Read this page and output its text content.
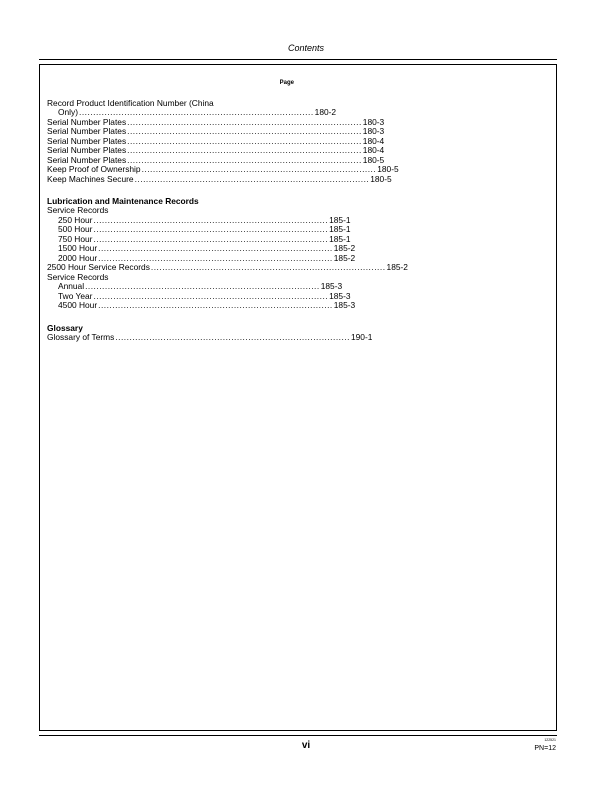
Contents
Page
Record Product Identification Number (China
Only) ................................................................................... 180-2
Serial Number Plates ................................................................................... 180-3
Serial Number Plates ................................................................................... 180-3
Serial Number Plates ................................................................................... 180-4
Serial Number Plates ................................................................................... 180-4
Serial Number Plates ................................................................................... 180-5
Keep Proof of Ownership ................................................................................... 180-5
Keep Machines Secure ................................................................................... 180-5
Lubrication and Maintenance Records
Service Records
250 Hour ................................................................................... 185-1
500 Hour ................................................................................... 185-1
750 Hour ................................................................................... 185-1
1500 Hour ................................................................................... 185-2
2000 Hour ................................................................................... 185-2
2500 Hour Service Records ................................................................................... 185-2
Service Records
Annual ................................................................................... 185-3
Two Year ................................................................................... 185-3
4500 Hour ................................................................................... 185-3
Glossary
Glossary of Terms ................................................................................... 190-1
vi	122521
PN=12
